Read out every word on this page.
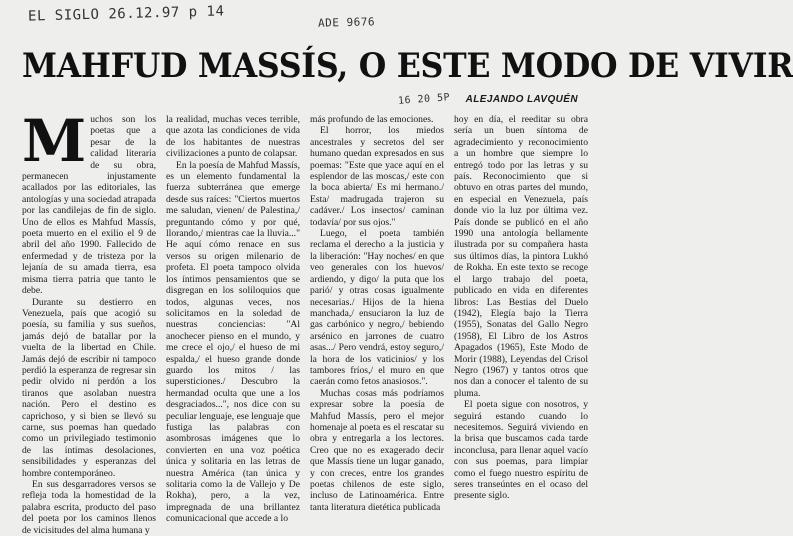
EL SIGLO 26.12.97 p 14	ADE 9676
16 20 5P
MAHFUD MASSÍS, O ESTE MODO DE VIVIR
ALEJANDO LAVQUÉN
M uchos son los poetas que a pesar de la calidad literaria de su obra, permanecen injustamente acallados por las editoriales, las antologías y una sociedad atrapada por las candilejas de fin de siglo. Uno de ellos es Mahfud Massís, poeta muerto en el exilio el 9 de abril del año 1990. Fallecido de enfermedad y de tristeza por la lejanía de su amada tierra, esa misma tierra patria que tanto le debe.

Durante su destierro en Venezuela, país que acogió su poesía, su familia y sus sueños, jamás dejó de batallar por la vuelta de la libertad en Chile. Jamás dejó de escribir ni tampoco perdió la esperanza de regresar sin pedir olvido ni perdón a los tiranos que asolaban nuestra nación. Pero el destino es caprichoso, y si bien se llevó su carne, sus poemas han quedado como un privilegiado testimonio de las íntimas desolaciones, sensibilidades y esperanzas del hombre contemporáneo.

En sus desgarradores versos se refleja toda la homestidad de la palabra escrita, producto del paso del poeta por los caminos llenos de vicisitudes del alma humana y

la realidad, muchas veces terrible, que azota las condiciones de vida de los habitantes de nuestras civilizaciones a punto de colapsar.

En la poesía de Mahfud Massís, es un elemento fundamental la fuerza subterránea que emerge desde sus raíces: "Ciertos muertos me saludan, vienen/ de Palestina,/ preguntando cómo y por qué, llorando,/ mientras cae la lluvia..." He aquí cómo renace en sus versos su origen milenario de profeta. El poeta tampoco olvida los íntimos pensamientos que se disgregan en los soliloquios que todos, algunas veces, nos solicitamos en la soledad de nuestras conciencias: "Al anochecer pienso en el mundo, y me crece el ojo,/ el hueso de mi espalda,/ el hueso grande donde guardo los mitos / las supersticiones./ Descubro la hermandad oculta que une a los desgraciados...", nos dice con su peculiar lenguaje, ese lenguaje que fustiga las palabras con asombrosas imágenes que lo convierten en una voz poética única y solitaria en las letras de nuestra América (tan única y solitaria como la de Vallejo y De Rokha), pero, a la vez, impregnada de una brillantez comunicacional que accede a lo

más profundo de las emociones.

El horror, los miedos ancestrales y secretos del ser humano quedan expresados en sus poemas: "Este que yace aquí en el esplendor de las moscas,/ este con la boca abierta/ Es mi hermano./ Esta/ madrugada trajeron su cadáver./ Los insectos/ caminan todavía/ por sus ojos."

Luego, el poeta también reclama el derecho a la justicia y la liberación: "Hay noches/ en que veo generales con los huevos/ ardiendo, y digo/ la puta que los parió/ y otras cosas igualmente necesarias./ Hijos de la hiena manchada,/ ensuciaron la luz de gas carbónico y negro,/ bebiendo arsénico en jarrones de cuatro asas.../ Pero vendrá, estoy seguro,/ la hora de los vaticinios/ y los tambores fríos,/ el muro en que caerán como fetos anasiosos.".

Muchas cosas más podríamos expresar sobre la poesía de Mahfud Massís, pero el mejor homenaje al poeta es el rescatar su obra y entregarla a los lectores. Creo que no es exagerado decir que Massís tiene un lugar ganado, y con creces, entre los grandes poetas chilenos de este siglo, incluso de Latinoamérica. Entre tanta literatura dietética publicada

hoy en día, el reeditar su obra sería un buen síntoma de agradecimiento y reconocimiento a un hombre que siempre lo entregó todo por las letras y su país. Reconocimiento que si obtuvo en otras partes del mundo, en especial en Venezuela, país donde vio la luz por última vez. País donde se publicó en el año 1990 una antología bellamente ilustrada por su compañera hasta sus últimos días, la pintora Lukhó de Rokha. En este texto se recoge el largo trabajo del poeta, publicado en vida en diferentes libros: Las Bestias del Duelo (1942), Elegía bajo la Tierra (1955), Sonatas del Gallo Negro (1958), El Libro de los Astros Apagados (1965), Este Modo de Morir (1988), Leyendas del Crisol Negro (1967) y tantos otros que nos dan a conocer el talento de su pluma.

El poeta sigue con nosotros, y seguirá estando cuando lo necesitemos. Seguirá viviendo en la brisa que buscamos cada tarde inconclusa, para llenar aquel vacío con sus poemas, para limpiar como el fuego nuestro espíritu de seres transeúntes en el ocaso del presente siglo.
